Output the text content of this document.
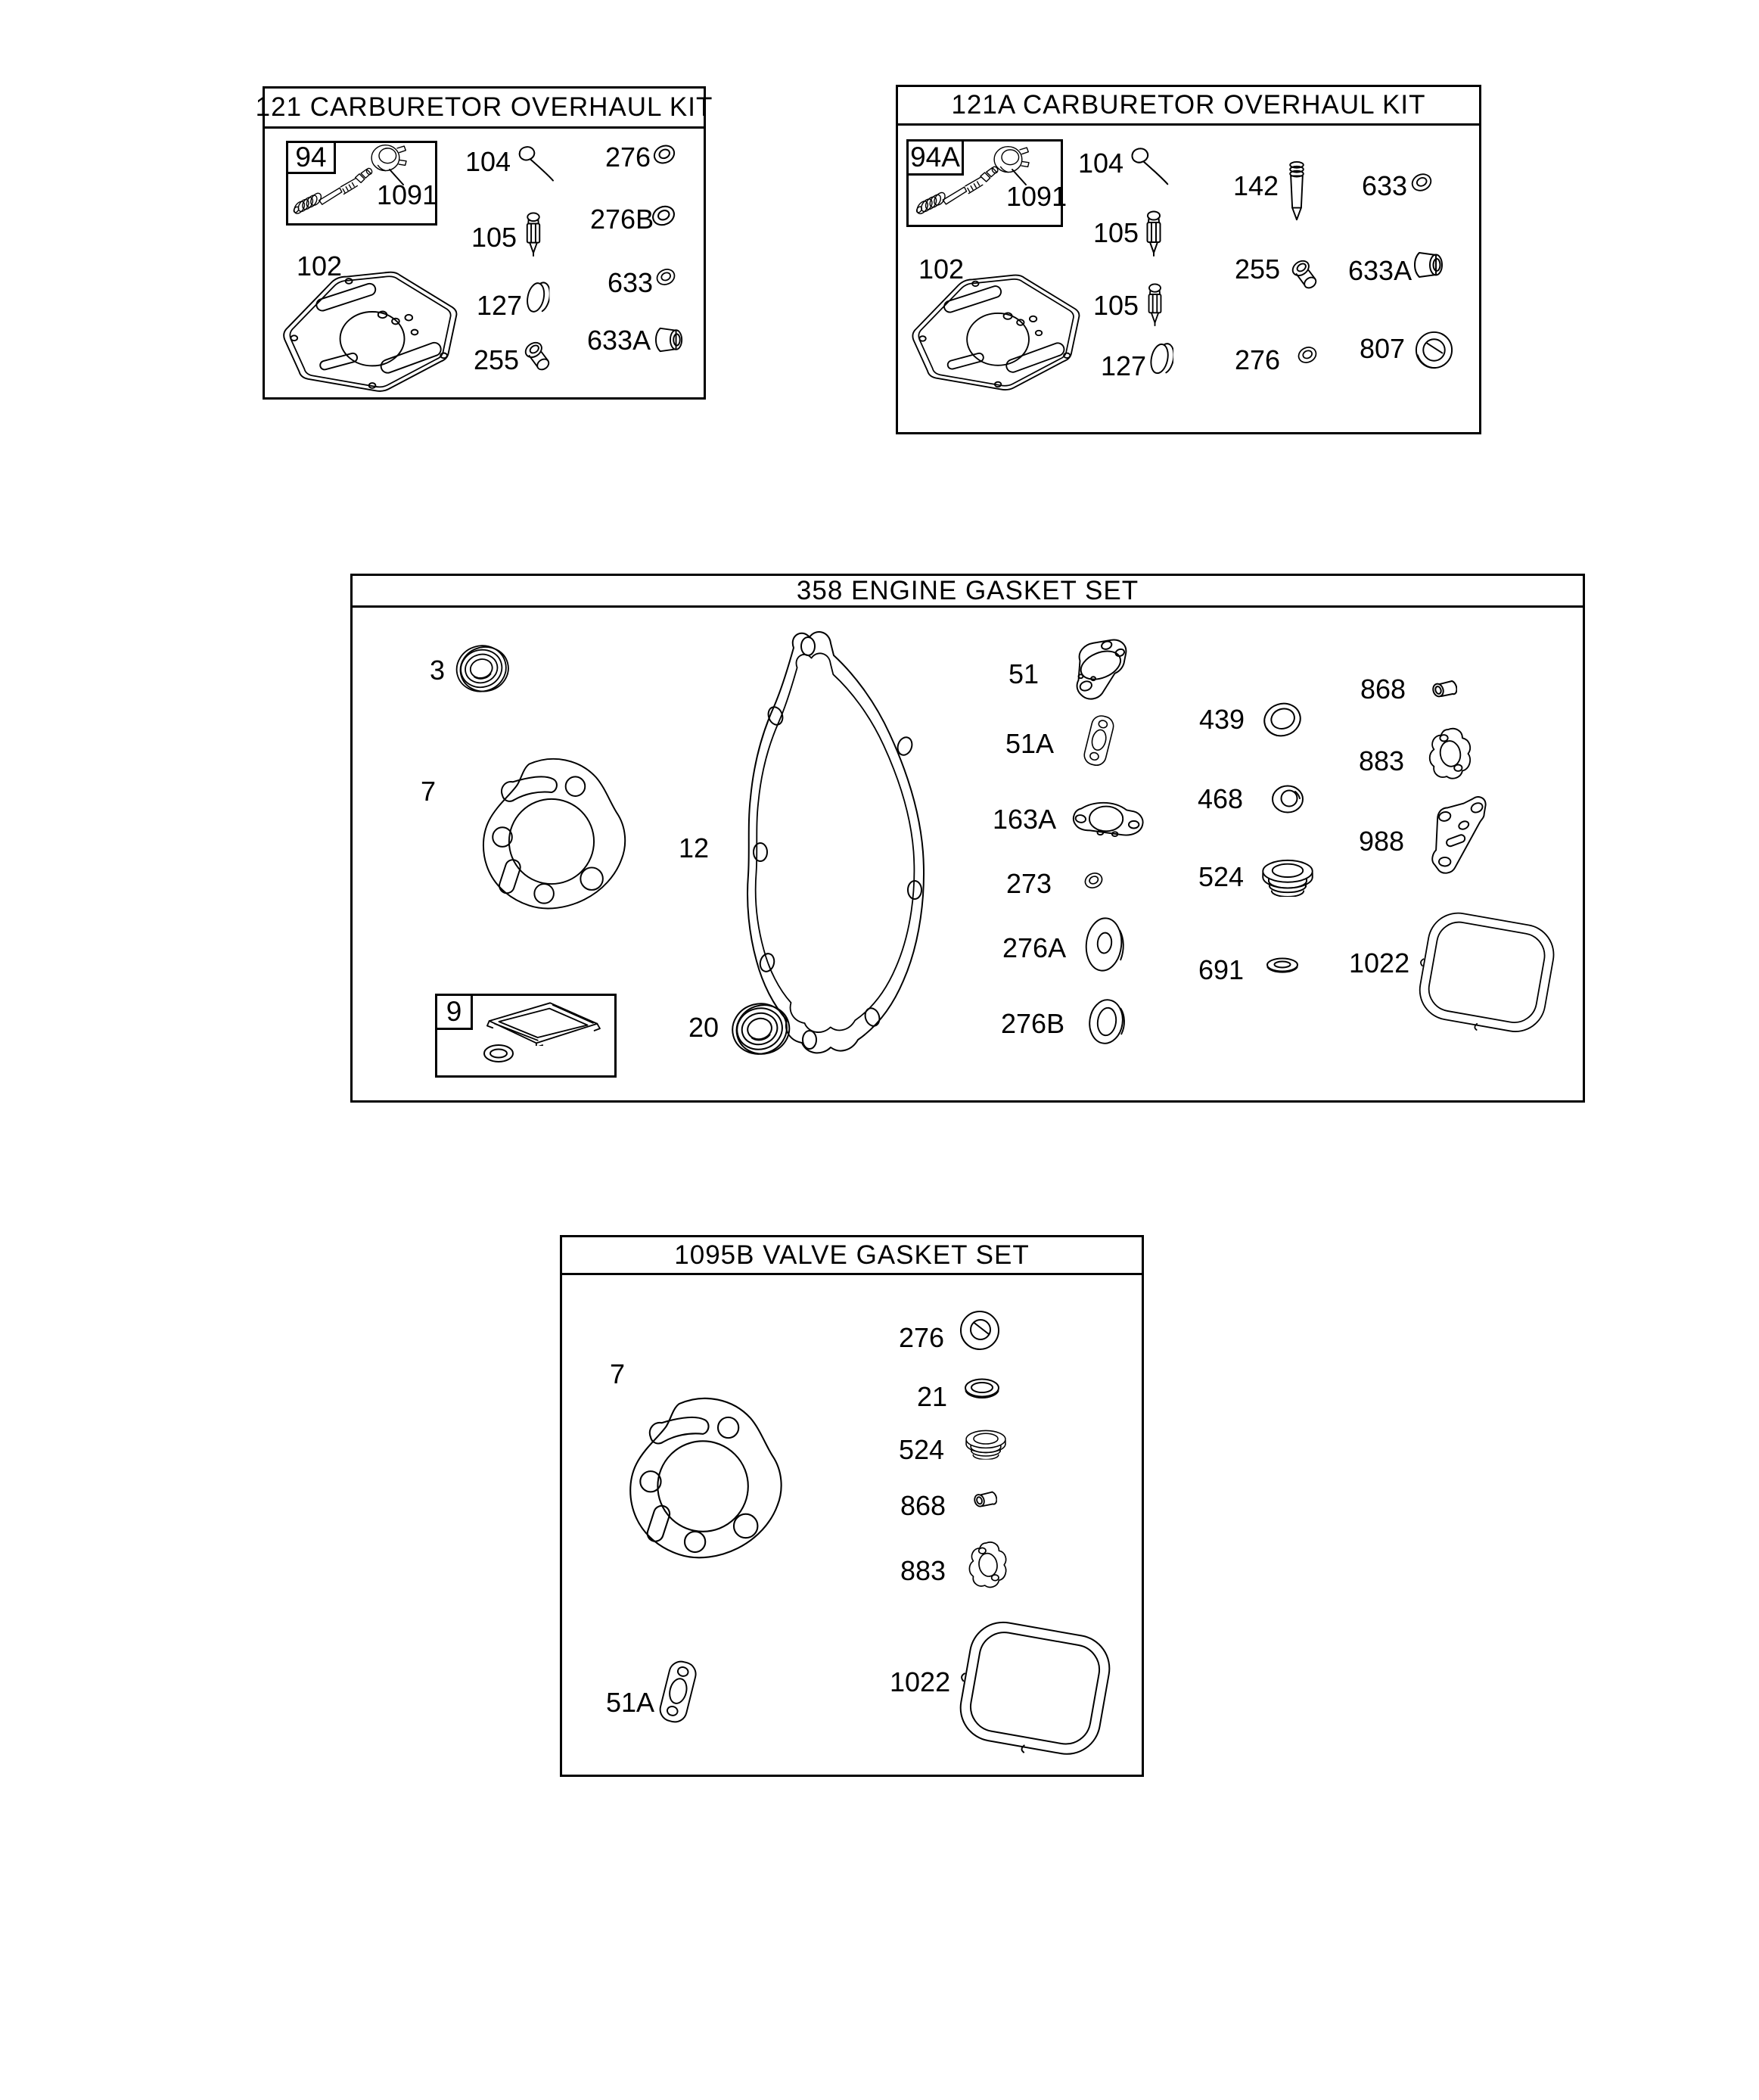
121 CARBURETOR OVERHAUL KIT
94
1091
104	276
105
276B
102
127
633
255
633A
121A CARBURETOR OVERHAUL KIT
94A
1091
104
142	633
105
255 633A
102
105
127	276	807
358 ENGINE GASKET SET
3
7
12
9
20
51
51A
163A
273
276A
276B
439
468
524
691
868
883
988
1022
1095B VALVE GASKET SET
7
276
21
524
868
883
51A
1022
